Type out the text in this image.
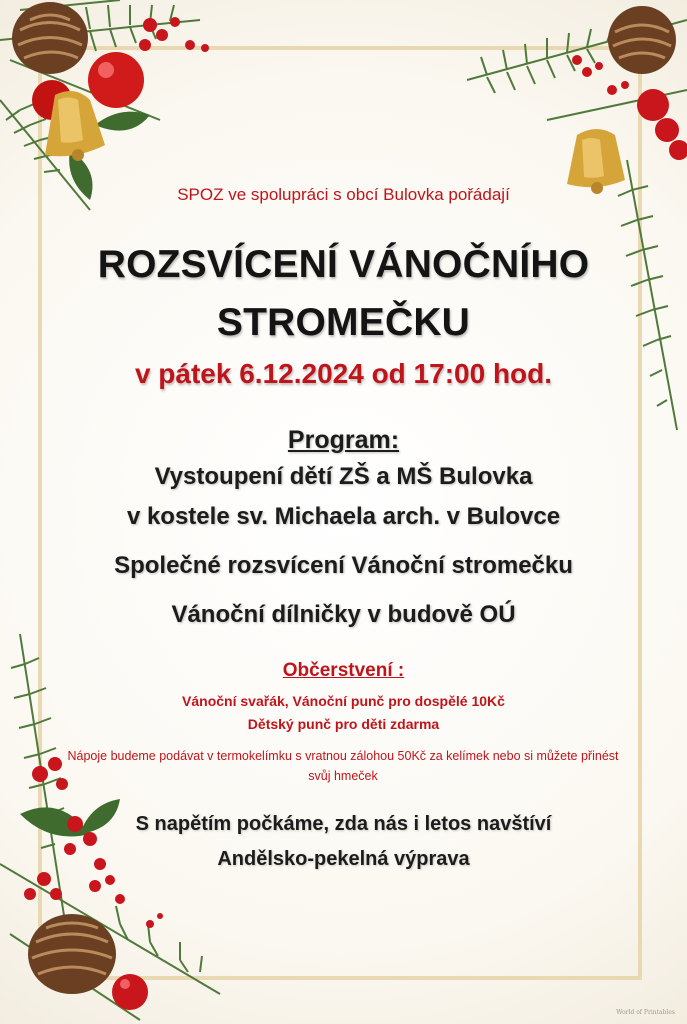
SPOZ ve spolupráci s obcí Bulovka pořádají

ROZSVÍCENÍ VÁNOČNÍHO
STROMEČKU

v pátek 6.12.2024 od 17:00 hod.

Program:

Vystoupení dětí ZŠ a MŠ Bulovka

v kostele sv. Michaela arch. v Bulovce

Společné rozsvícení Vánoční stromečku

Vánoční dílničky v budově OÚ

Občerstvení :

Vánoční svařák, Vánoční punč pro dospělé 10Kč

Dětský punč pro děti zdarma

Nápoje budeme podávat v termokelímku s vratnou zálohou 50Kč za kelímek nebo si můžete přinést svůj hmeček

S napětím počkáme, zda nás i letos navštíví

Andělsko-pekelná výprava

World of Printables
